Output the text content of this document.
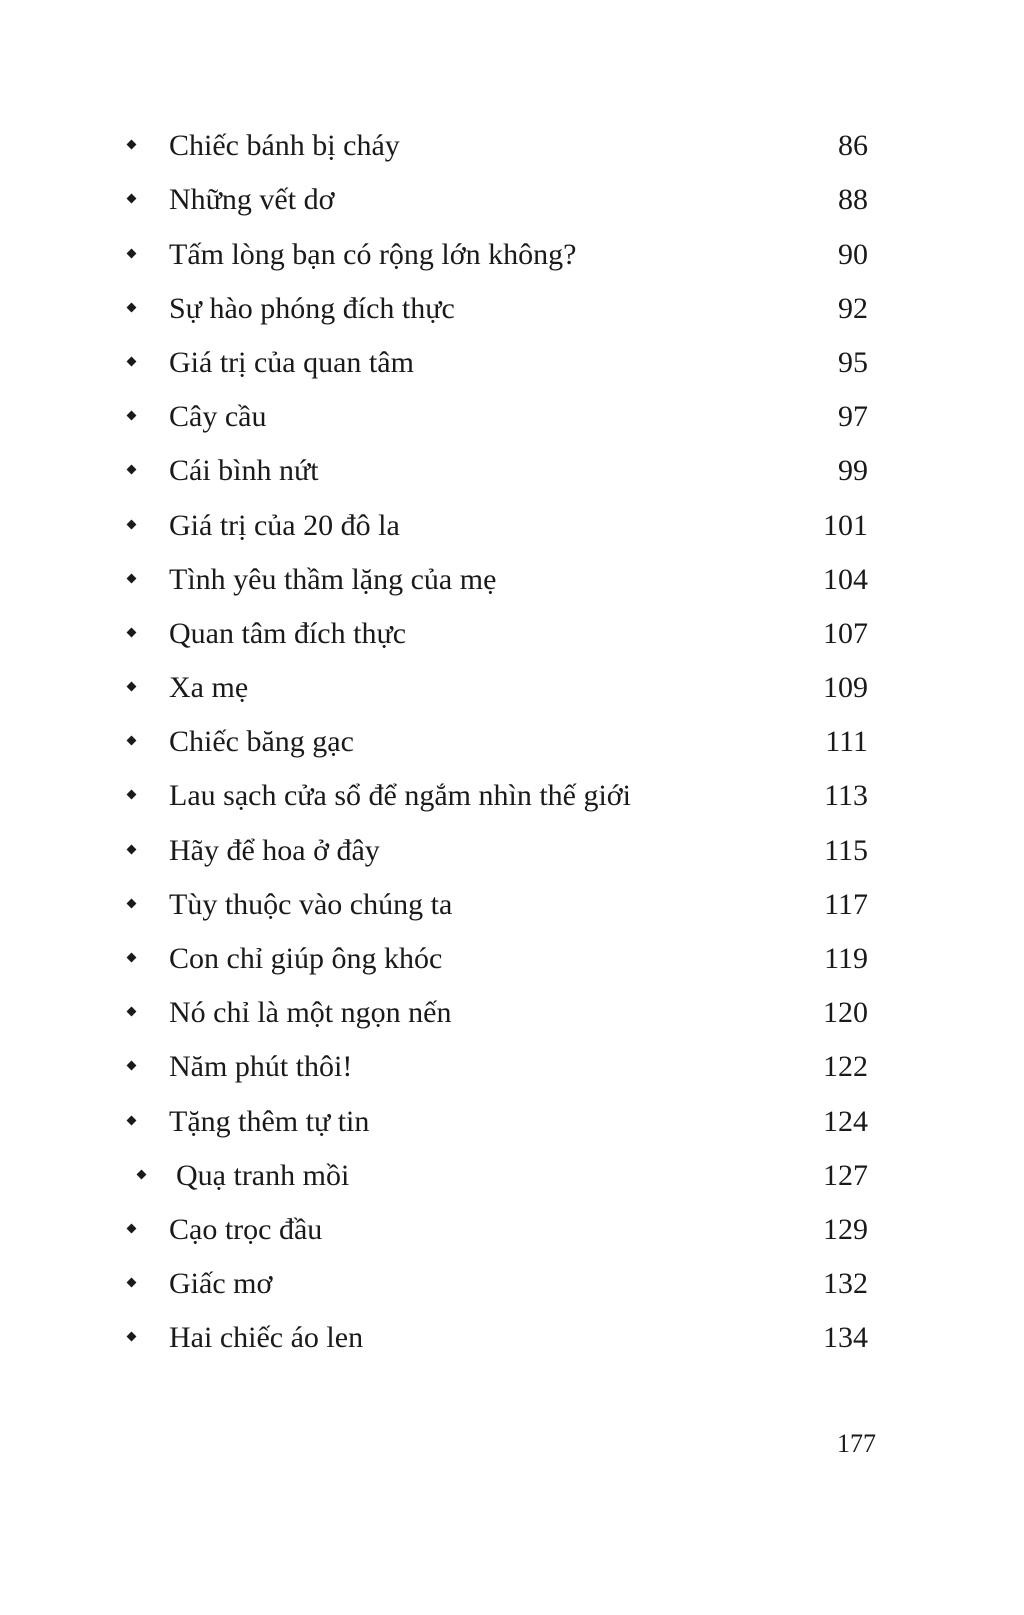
Chiếc bánh bị cháy	86
Những vết dơ	88
Tấm lòng bạn có rộng lớn không?	90
Sự hào phóng đích thực	92
Giá trị của quan tâm	95
Cây cầu	97
Cái bình nứt	99
Giá trị của 20 đô la	101
Tình yêu thầm lặng của mẹ	104
Quan tâm đích thực	107
Xa mẹ	109
Chiếc băng gạc	111
Lau sạch cửa sổ để ngắm nhìn thế giới	113
Hãy để hoa ở đây	115
Tùy thuộc vào chúng ta	117
Con chỉ giúp ông khóc	119
Nó chỉ là một ngọn nến	120
Năm phút thôi!	122
Tặng thêm tự tin	124
Quạ tranh mồi	127
Cạo trọc đầu	129
Giấc mơ	132
Hai chiếc áo len	134
177
